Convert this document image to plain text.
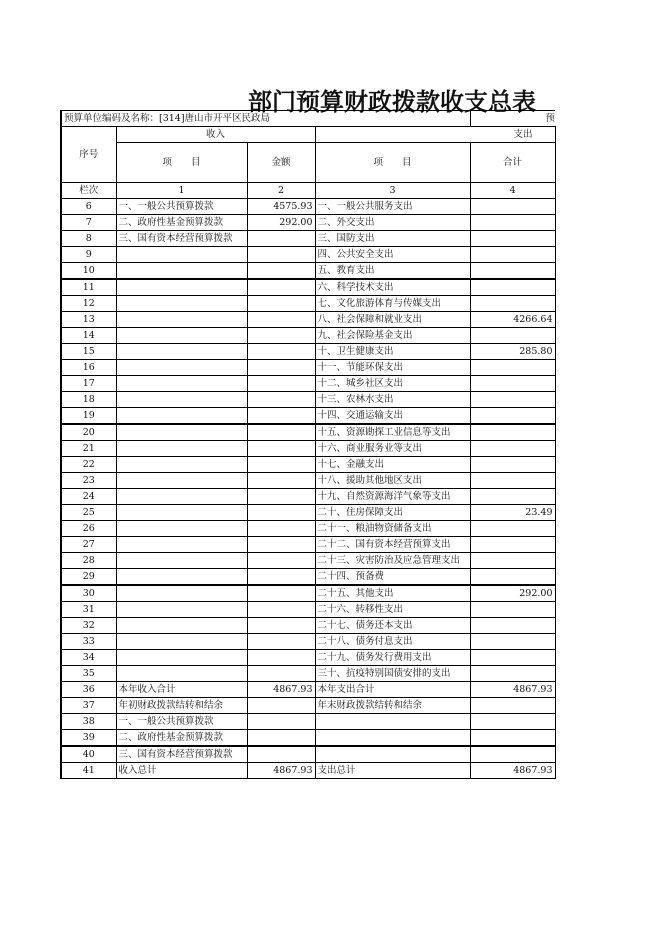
部门预算财政拨款收支总表
预算单位编码及名称：[314]唐山市开平区民政局				预
序号	收入		支出	
	项　　目	金额	项　　目	合计
栏次	1	2	3	4
6	一、一般公共预算拨款	4575.93	一、一般公共服务支出	
7	二、政府性基金预算拨款	292.00	二、外交支出	
8	三、国有资本经营预算拨款		三、国防支出	
9			四、公共安全支出	
10			五、教育支出	
11			六、科学技术支出	
12			七、文化旅游体育与传媒支出	
13			八、社会保障和就业支出	4266.64
14			九、社会保险基金支出	
15			十、卫生健康支出	285.80
16			十一、节能环保支出	
17			十二、城乡社区支出	
18			十三、农林水支出	
19			十四、交通运输支出	
20			十五、资源勘探工业信息等支出	
21			十六、商业服务业等支出	
22			十七、金融支出	
23			十八、援助其他地区支出	
24			十九、自然资源海洋气象等支出	
25			二十、住房保障支出	23.49
26			二十一、粮油物资储备支出	
27			二十二、国有资本经营预算支出	
28			二十三、灾害防治及应急管理支出	
29			二十四、预备费	
30			二十五、其他支出	292.00
31			二十六、转移性支出	
32			二十七、债务还本支出	
33			二十八、债务付息支出	
34			二十九、债务发行费用支出	
35			三十、抗疫特别国债安排的支出	
36	本年收入合计	4867.93	本年支出合计	4867.93
37	年初财政拨款结转和结余		年末财政拨款结转和结余	
38	一、一般公共预算拨款			
39	二、政府性基金预算拨款			
40	三、国有资本经营预算拨款			
41	收入总计	4867.93	支出总计	4867.93
